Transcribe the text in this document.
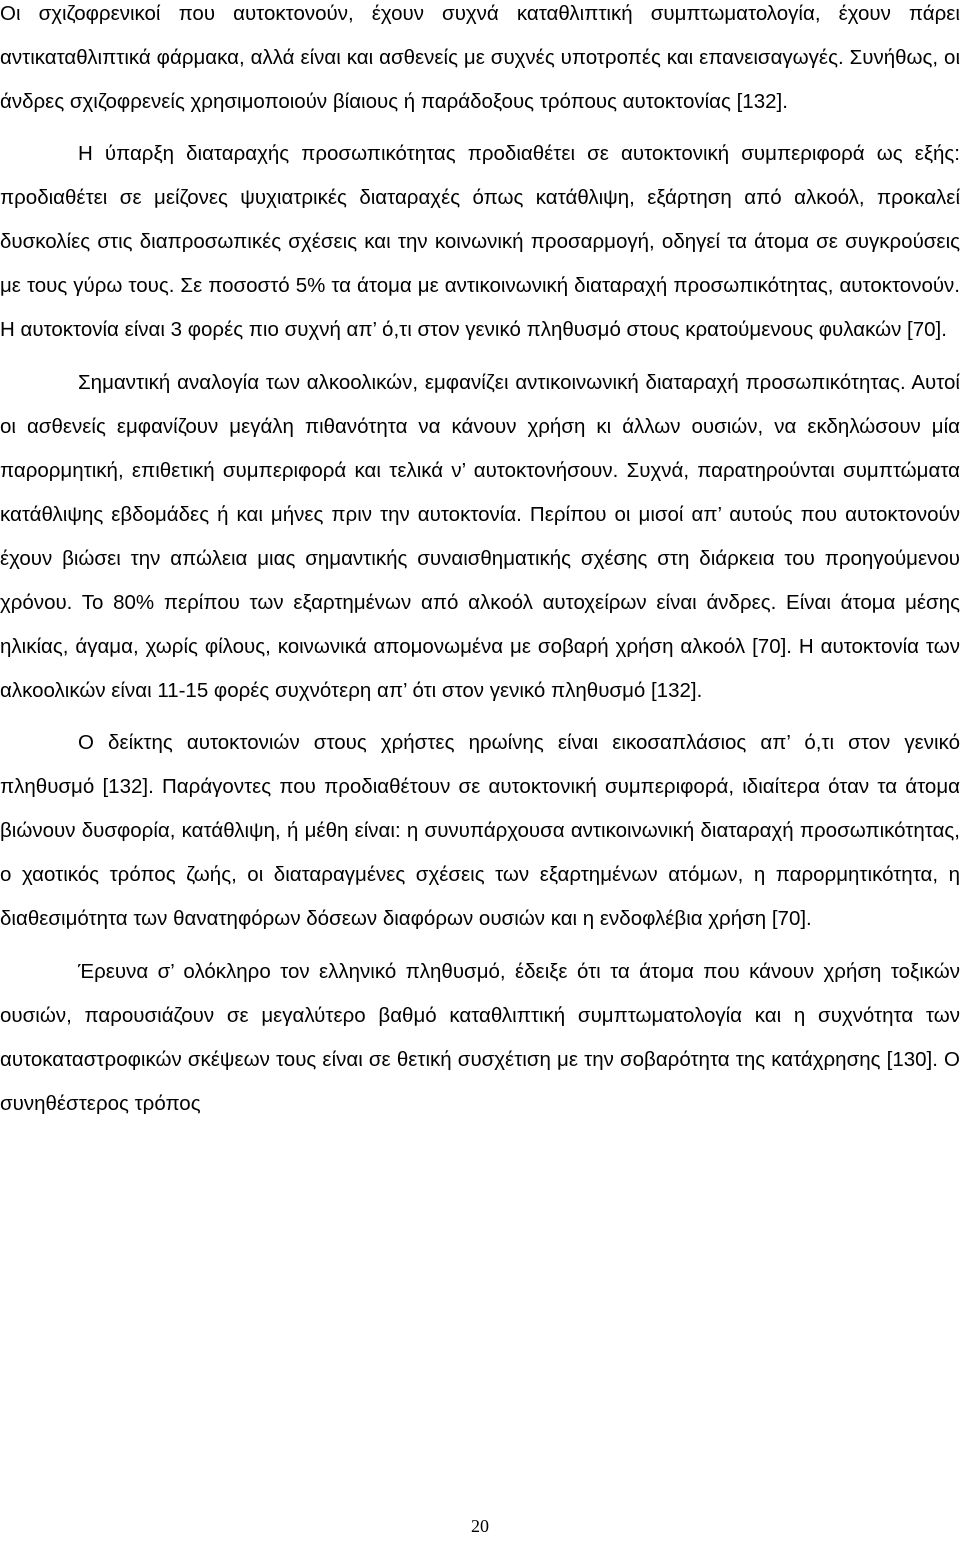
Οι σχιζοφρενικοί που αυτοκτονούν, έχουν συχνά καταθλιπτική συμπτωματολογία, έχουν πάρει αντικαταθλιπτικά φάρμακα, αλλά είναι και ασθενείς με συχνές υποτροπές και επανεισαγωγές. Συνήθως, οι άνδρες σχιζοφρενείς χρησιμοποιούν βίαιους ή παράδοξους τρόπους αυτοκτονίας [132].

Η ύπαρξη διαταραχής προσωπικότητας προδιαθέτει σε αυτοκτονική συμπεριφορά ως εξής: προδιαθέτει σε μείζονες ψυχιατρικές διαταραχές όπως κατάθλιψη, εξάρτηση από αλκοόλ, προκαλεί δυσκολίες στις διαπροσωπικές σχέσεις και την κοινωνική προσαρμογή, οδηγεί τα άτομα σε συγκρούσεις με τους γύρω τους. Σε ποσοστό 5% τα άτομα με αντικοινωνική διαταραχή προσωπικότητας, αυτοκτονούν. Η αυτοκτονία είναι 3 φορές πιο συχνή απ’ ό,τι στον γενικό πληθυσμό στους κρατούμενους φυλακών [70].

Σημαντική αναλογία των αλκοολικών, εμφανίζει αντικοινωνική διαταραχή προσωπικότητας. Αυτοί οι ασθενείς εμφανίζουν μεγάλη πιθανότητα να κάνουν χρήση κι άλλων ουσιών, να εκδηλώσουν μία παρορμητική, επιθετική συμπεριφορά και τελικά ν’ αυτοκτονήσουν. Συχνά, παρατηρούνται συμπτώματα κατάθλιψης εβδομάδες ή και μήνες πριν την αυτοκτονία. Περίπου οι μισοί απ’ αυτούς που αυτοκτονούν έχουν βιώσει την απώλεια μιας σημαντικής συναισθηματικής σχέσης στη διάρκεια του προηγούμενου χρόνου. Το 80% περίπου των εξαρτημένων από αλκοόλ αυτοχείρων είναι άνδρες. Είναι άτομα μέσης ηλικίας, άγαμα, χωρίς φίλους, κοινωνικά απομονωμένα με σοβαρή χρήση αλκοόλ [70]. Η αυτοκτονία των αλκοολικών είναι 11-15 φορές συχνότερη απ’ ότι στον γενικό πληθυσμό [132].

Ο δείκτης αυτοκτονιών στους χρήστες ηρωίνης είναι εικοσαπλάσιος απ’ ό,τι στον γενικό πληθυσμό [132]. Παράγοντες που προδιαθέτουν σε αυτοκτονική συμπεριφορά, ιδιαίτερα όταν τα άτομα βιώνουν δυσφορία, κατάθλιψη, ή μέθη είναι: η συνυπάρχουσα αντικοινωνική διαταραχή προσωπικότητας, ο χαοτικός τρόπος ζωής, οι διαταραγμένες σχέσεις των εξαρτημένων ατόμων, η παρορμητικότητα, η διαθεσιμότητα των θανατηφόρων δόσεων διαφόρων ουσιών και η ενδοφλέβια χρήση [70].

Έρευνα σ’ ολόκληρο τον ελληνικό πληθυσμό, έδειξε ότι τα άτομα που κάνουν χρήση τοξικών ουσιών, παρουσιάζουν σε μεγαλύτερο βαθμό καταθλιπτική συμπτωματολογία και η συχνότητα των αυτοκαταστροφικών σκέψεων τους είναι σε θετική συσχέτιση με την σοβαρότητα της κατάχρησης [130]. Ο συνηθέστερος τρόπος

20
